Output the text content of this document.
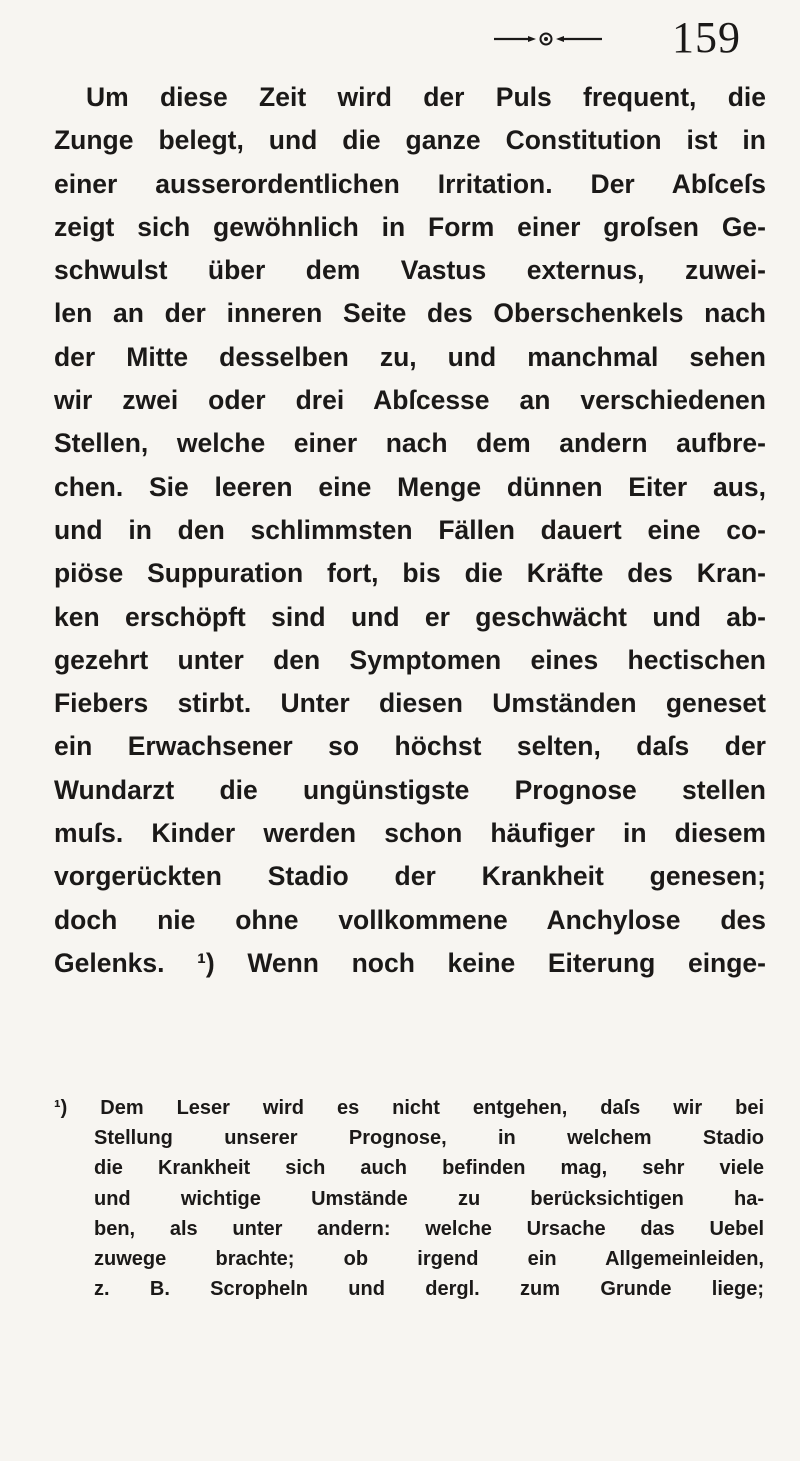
159
Um diese Zeit wird der Puls frequent, die
Zunge belegt, und die ganze Constitution ist in
einer ausserordentlichen Irritation. Der Abſceſs
zeigt sich gewöhnlich in Form einer groſsen Ge-
schwulst über dem Vastus externus, zuwei-
len an der inneren Seite des Oberschenkels nach
der Mitte desselben zu, und manchmal sehen
wir zwei oder drei Abſcesse an verschiedenen
Stellen, welche einer nach dem andern aufbre-
chen. Sie leeren eine Menge dünnen Eiter aus,
und in den schlimmsten Fällen dauert eine co-
piöse Suppuration fort, bis die Kräfte des Kran-
ken erschöpft sind und er geschwächt und ab-
gezehrt unter den Symptomen eines hectischen
Fiebers stirbt. Unter diesen Umständen geneset
ein Erwachsener so höchst selten, daſs der
Wundarzt die ungünstigste Prognose stellen
muſs. Kinder werden schon häufiger in diesem
vorgerückten Stadio der Krankheit genesen;
doch nie ohne vollkommene Anchylose des
Gelenks. ¹) Wenn noch keine Eiterung einge-
¹) Dem Leser wird es nicht entgehen, daſs wir bei
Stellung unserer Prognose, in welchem Stadio
die Krankheit sich auch befinden mag, sehr viele
und wichtige Umstände zu berücksichtigen ha-
ben, als unter andern: welche Ursache das Uebel
zuwege brachte; ob irgend ein Allgemeinleiden,
z. B. Scropheln und dergl. zum Grunde liege;
